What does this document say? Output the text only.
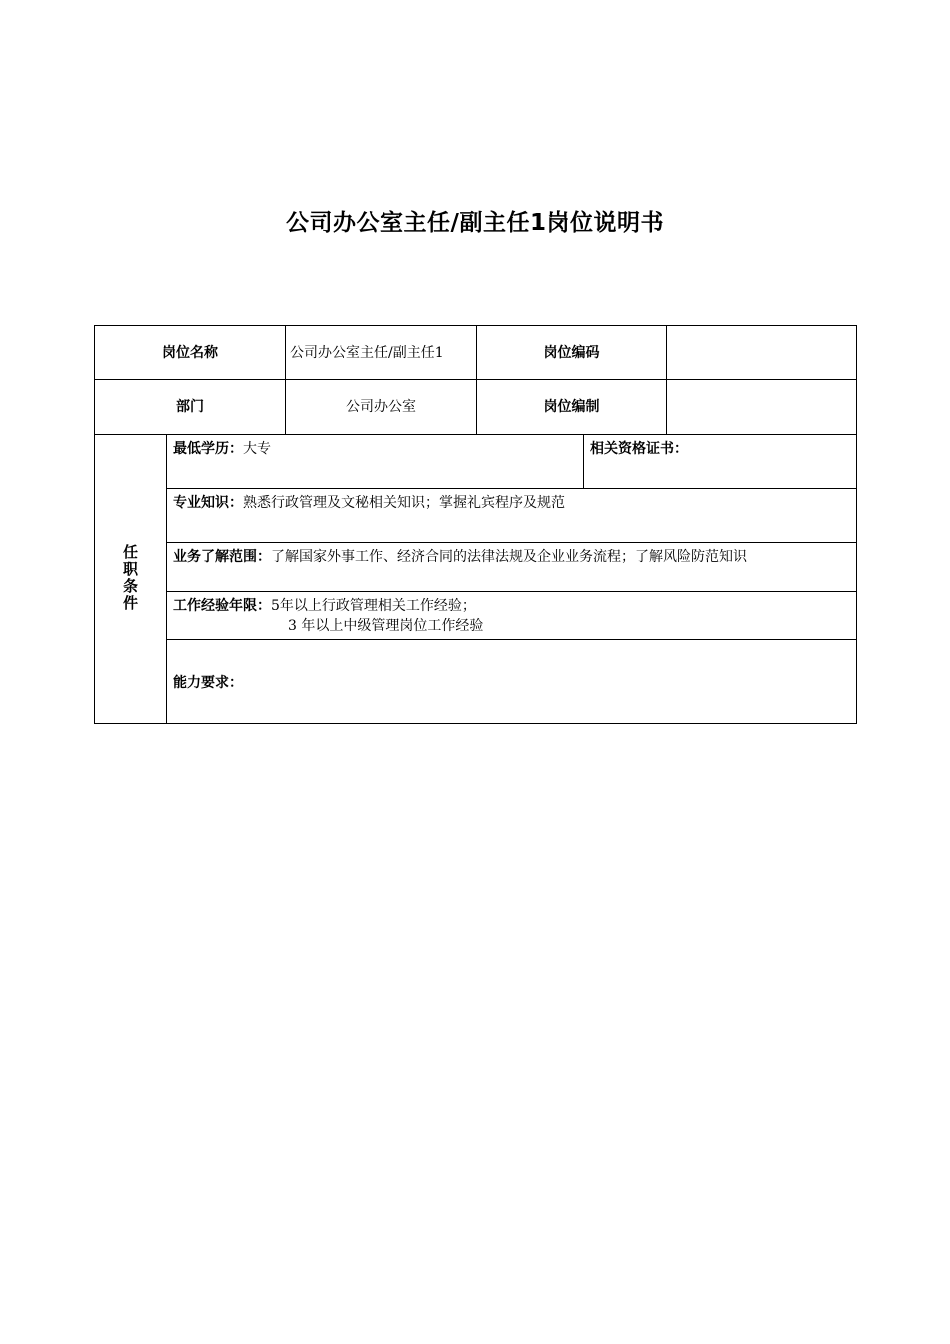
公司办公室主任/副主任1岗位说明书
岗位名称		公司办公室主任/副主任1	岗位编码		
部门		公司办公室	岗位编制		
任职条件	最低学历：大专			相关资格证书：	
	专业知识：熟悉行政管理及文秘相关知识；掌握礼宾程序及规范				
	业务了解范围：了解国家外事工作、经济合同的法律法规及企业业务流程；了解风险防范知识				

	工作经验年限：5年以上行政管理相关工作经验；
3 年以上中级管理岗位工作经验				

	能力要求：				
